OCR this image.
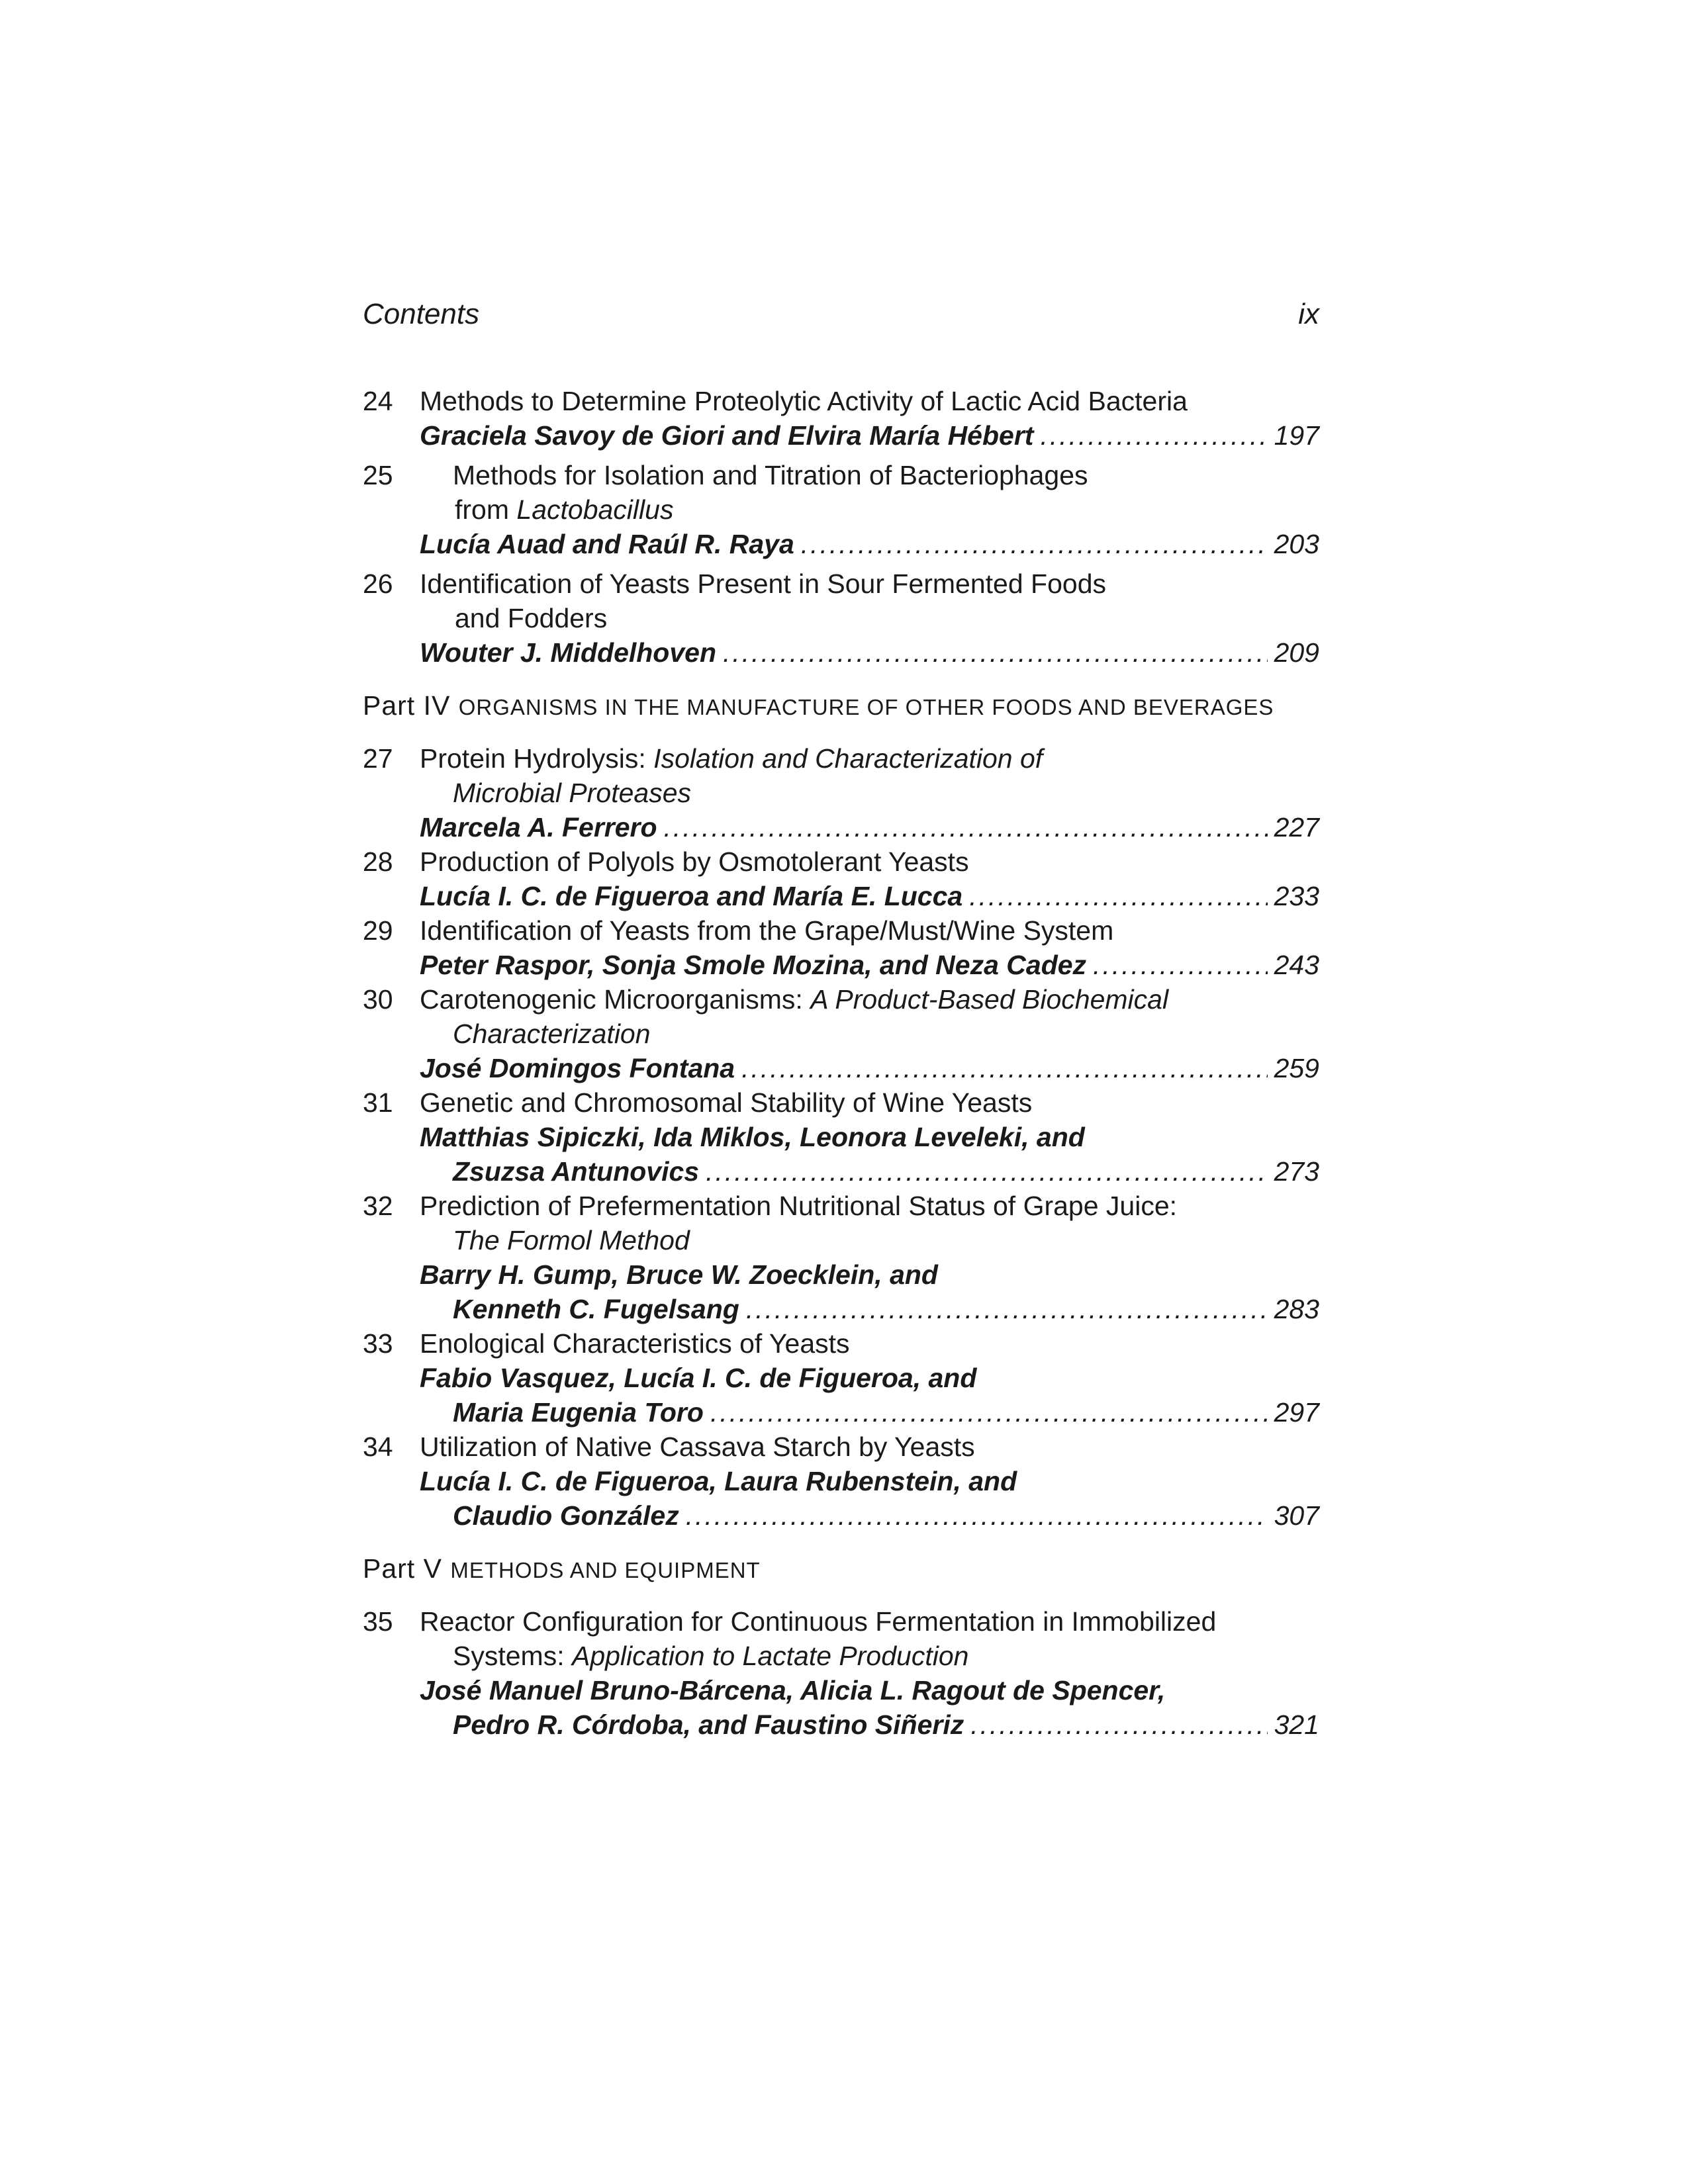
Contents	ix
24 Methods to Determine Proteolytic Activity of Lactic Acid Bacteria
Graciela Savoy de Giori and Elvira María Hébert .....	197
25 Methods for Isolation and Titration of Bacteriophages
from Lactobacillus
Lucía Auad and Raúl R. Raya .....	203
26 Identification of Yeasts Present in Sour Fermented Foods
and Fodders
Wouter J. Middelhoven .....	209
Part IV ORGANISMS IN THE MANUFACTURE OF OTHER FOODS AND BEVERAGES
27 Protein Hydrolysis: Isolation and Characterization of
Microbial Proteases
Marcela A. Ferrero .....	227
28 Production of Polyols by Osmotolerant Yeasts
Lucía I. C. de Figueroa and María E. Lucca .....	233
29 Identification of Yeasts from the Grape/Must/Wine System
Peter Raspor, Sonja Smole Mozina, and Neza Cadez .....	243
30 Carotenogenic Microorganisms: A Product-Based Biochemical
Characterization
José Domingos Fontana .....	259
31 Genetic and Chromosomal Stability of Wine Yeasts
Matthias Sipiczki, Ida Miklos, Leonora Leveleki, and
Zsuzsa Antunovics .....	273
32 Prediction of Prefermentation Nutritional Status of Grape Juice:
The Formol Method
Barry H. Gump, Bruce W. Zoecklein, and
Kenneth C. Fugelsang .....	283
33 Enological Characteristics of Yeasts
Fabio Vasquez, Lucía I. C. de Figueroa, and
Maria Eugenia Toro .....	297
34 Utilization of Native Cassava Starch by Yeasts
Lucía I. C. de Figueroa, Laura Rubenstein, and
Claudio González .....	307
Part V METHODS AND EQUIPMENT
35 Reactor Configuration for Continuous Fermentation in Immobilized
Systems: Application to Lactate Production
José Manuel Bruno-Bárcena, Alicia L. Ragout de Spencer,
Pedro R. Córdoba, and Faustino Siñeriz .....	321
